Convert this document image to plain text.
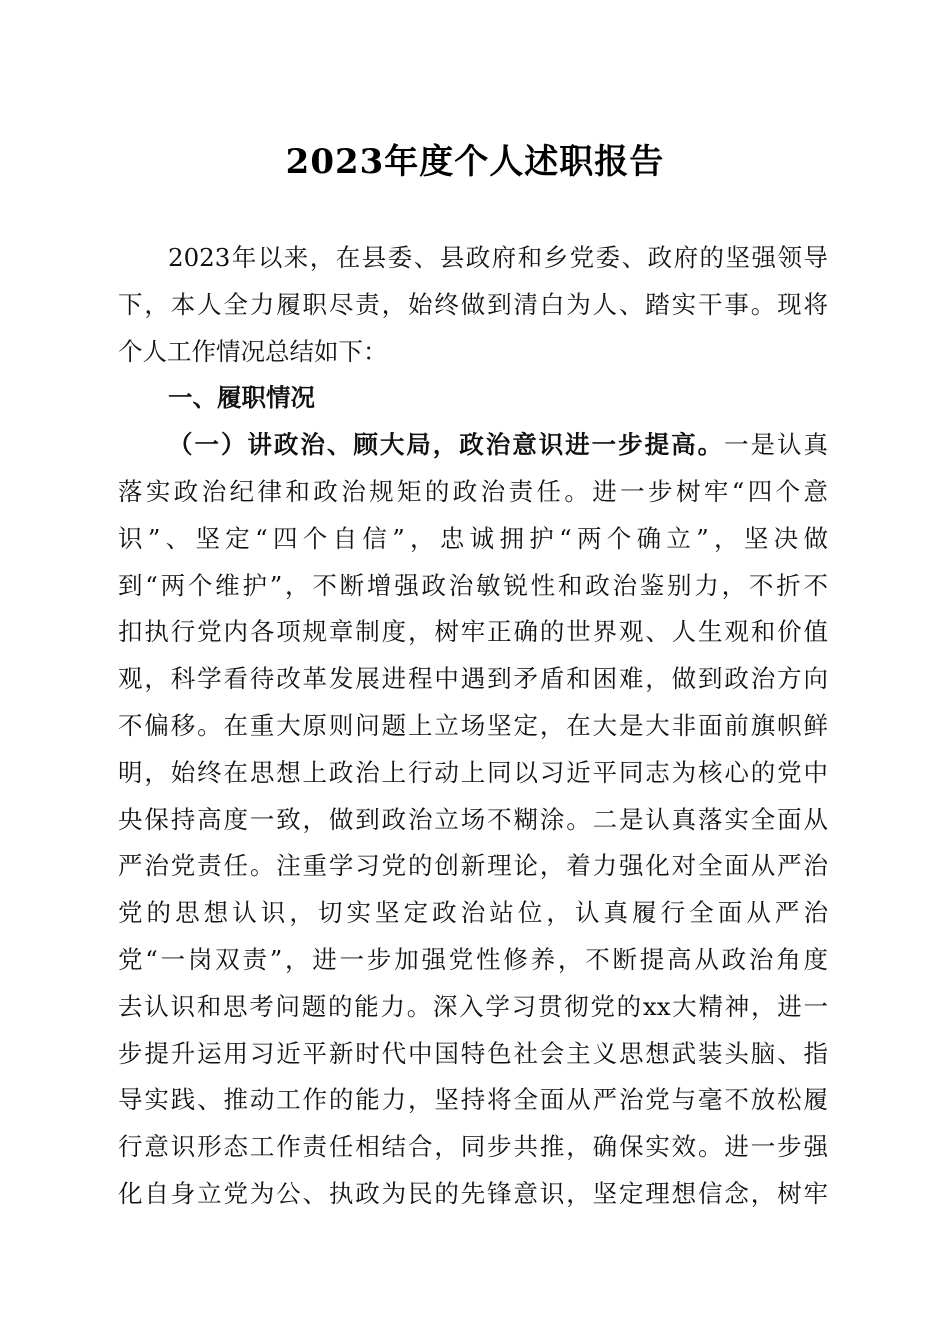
2023年度个人述职报告
2023年以来，在县委、县政府和乡党委、政府的坚强领导
下，本人全力履职尽责，始终做到清白为人、踏实干事。现将
个人工作情况总结如下：
一、履职情况
（一）讲政治、顾大局，政治意识进一步提高。一是认真
落实政治纪律和政治规矩的政治责任。进一步树牢“四个意
识”、坚定“四个自信”，忠诚拥护“两个确立”，坚决做
到“两个维护”，不断增强政治敏锐性和政治鉴别力，不折不
扣执行党内各项规章制度，树牢正确的世界观、人生观和价值
观，科学看待改革发展进程中遇到矛盾和困难，做到政治方向
不偏移。在重大原则问题上立场坚定，在大是大非面前旗帜鲜
明，始终在思想上政治上行动上同以习近平同志为核心的党中
央保持高度一致，做到政治立场不糊涂。二是认真落实全面从
严治党责任。注重学习党的创新理论，着力强化对全面从严治
党的思想认识，切实坚定政治站位，认真履行全面从严治
党“一岗双责”，进一步加强党性修养，不断提高从政治角度
去认识和思考问题的能力。深入学习贯彻党的xx大精神，进一
步提升运用习近平新时代中国特色社会主义思想武装头脑、指
导实践、推动工作的能力，坚持将全面从严治党与毫不放松履
行意识形态工作责任相结合，同步共推，确保实效。进一步强
化自身立党为公、执政为民的先锋意识，坚定理想信念，树牢
